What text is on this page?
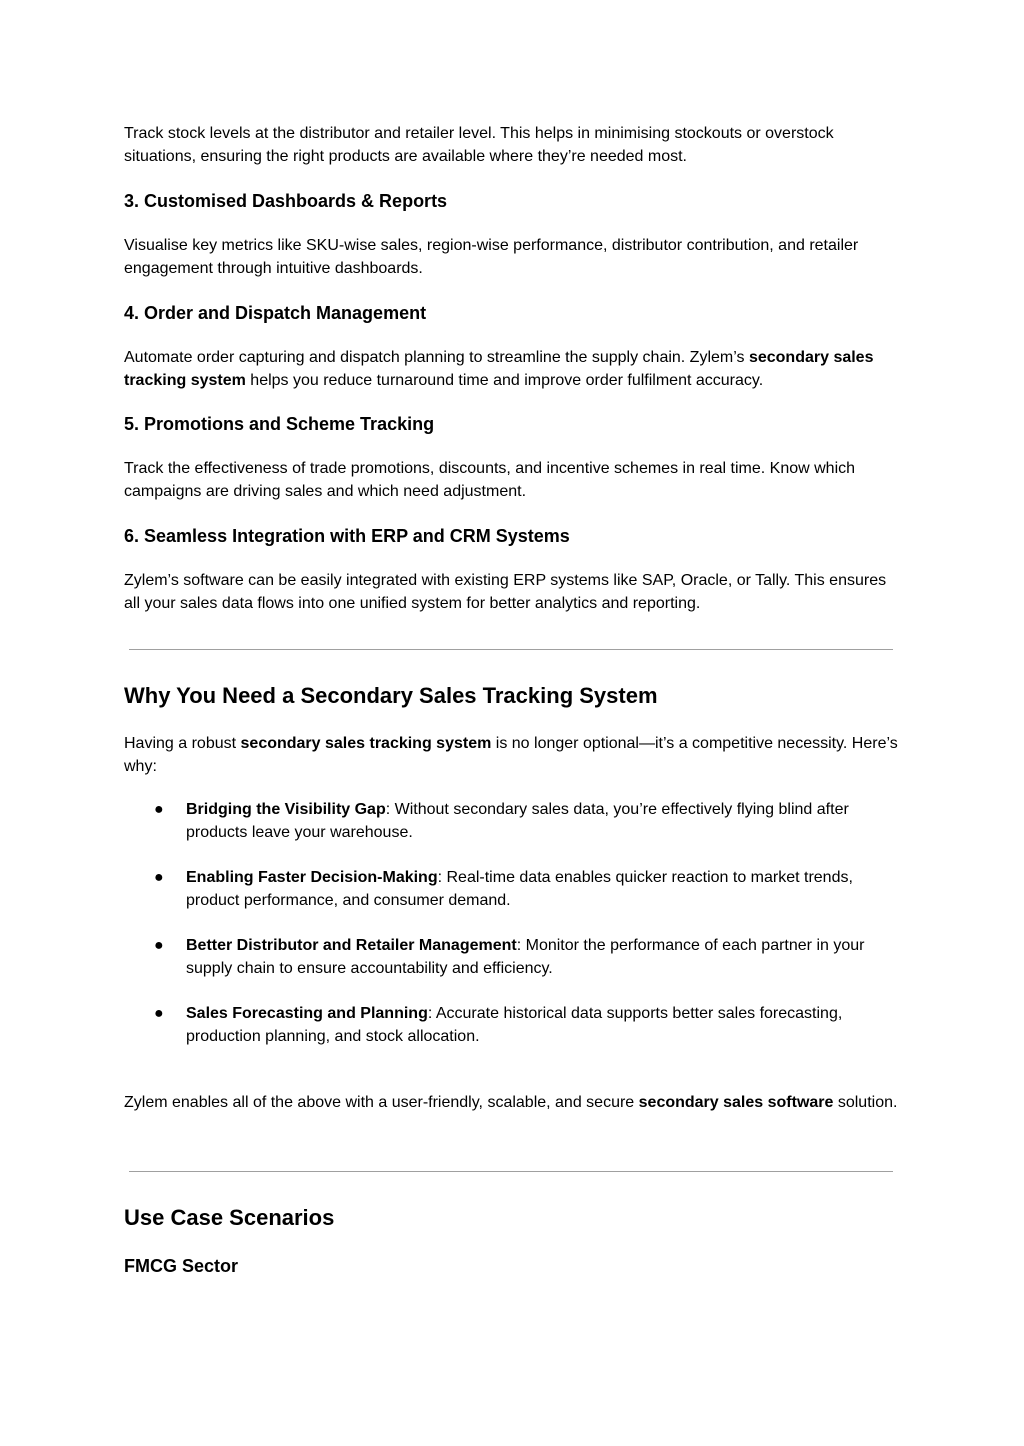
Track stock levels at the distributor and retailer level. This helps in minimising stockouts or overstock situations, ensuring the right products are available where they’re needed most.

3. Customised Dashboards & Reports

Visualise key metrics like SKU-wise sales, region-wise performance, distributor contribution, and retailer engagement through intuitive dashboards.

4. Order and Dispatch Management

Automate order capturing and dispatch planning to streamline the supply chain. Zylem’s secondary sales tracking system helps you reduce turnaround time and improve order fulfilment accuracy.

5. Promotions and Scheme Tracking

Track the effectiveness of trade promotions, discounts, and incentive schemes in real time. Know which campaigns are driving sales and which need adjustment.

6. Seamless Integration with ERP and CRM Systems

Zylem’s software can be easily integrated with existing ERP systems like SAP, Oracle, or Tally. This ensures all your sales data flows into one unified system for better analytics and reporting.

Why You Need a Secondary Sales Tracking System

Having a robust secondary sales tracking system is no longer optional—it’s a competitive necessity. Here’s why:

● Bridging the Visibility Gap: Without secondary sales data, you’re effectively flying blind after products leave your warehouse.
● Enabling Faster Decision-Making: Real-time data enables quicker reaction to market trends, product performance, and consumer demand.
● Better Distributor and Retailer Management: Monitor the performance of each partner in your supply chain to ensure accountability and efficiency.
● Sales Forecasting and Planning: Accurate historical data supports better sales forecasting, production planning, and stock allocation.

Zylem enables all of the above with a user-friendly, scalable, and secure secondary sales software solution.

Use Case Scenarios
FMCG Sector
